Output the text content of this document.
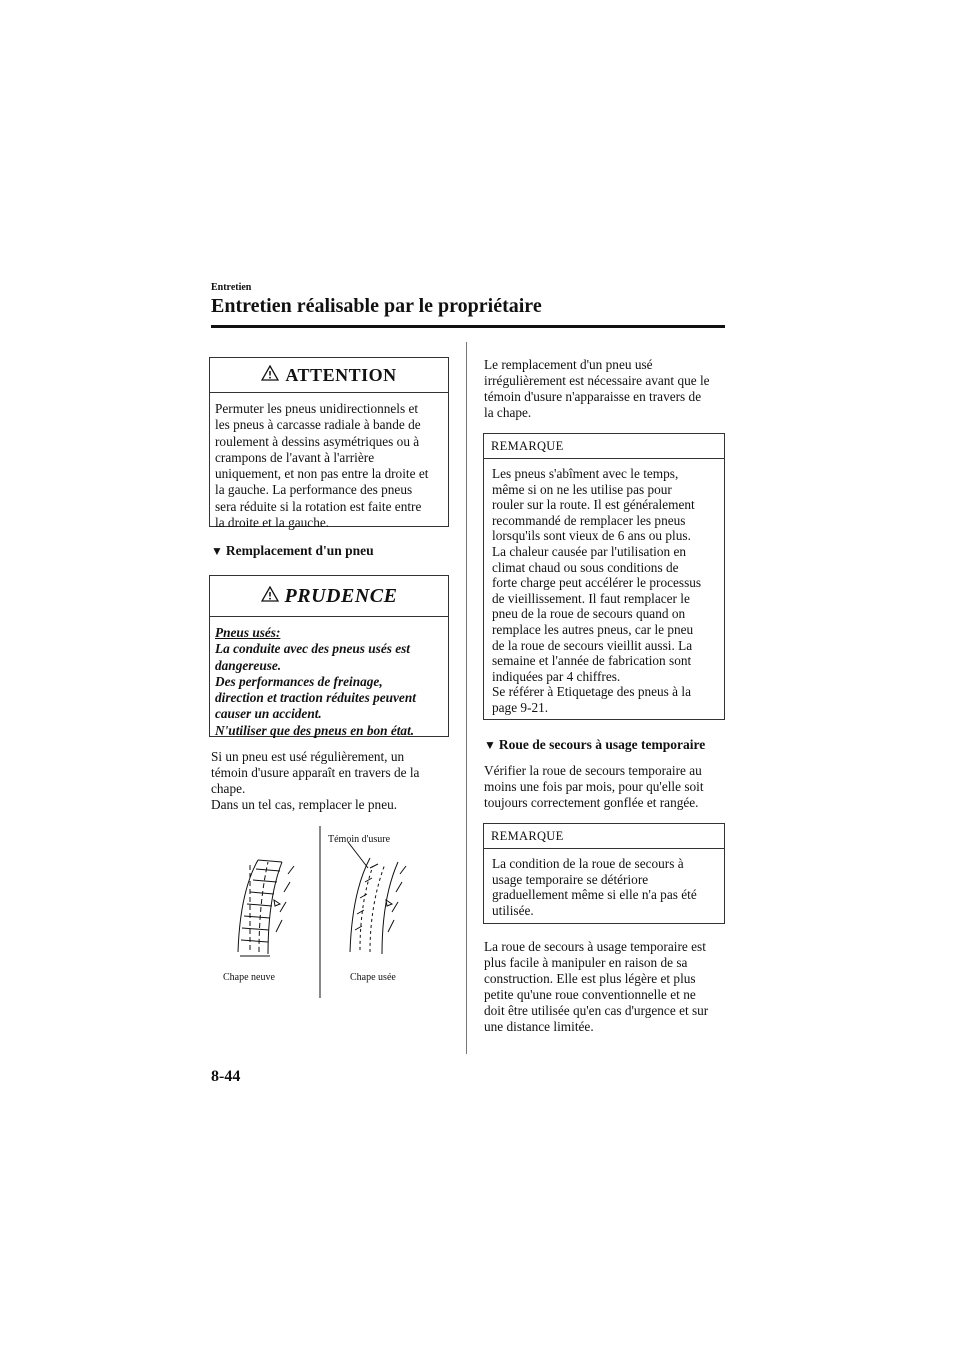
Entretien
Entretien réalisable par le propriétaire
ATTENTION

Permuter les pneus unidirectionnels et

les pneus à carcasse radiale à bande de

roulement à dessins asymétriques ou à

crampons de l'avant à l'arrière

uniquement, et non pas entre la droite et

la gauche. La performance des pneus

sera réduite si la rotation est faite entre

la droite et la gauche.

▼ Remplacement d'un pneu
PRUDENCE

Pneus usés:

La conduite avec des pneus usés est

dangereuse.

Des performances de freinage,

direction et traction réduites peuvent

causer un accident.

N'utiliser que des pneus en bon état.

Si un pneu est usé régulièrement, un

témoin d'usure apparaît en travers de la

chape.

Dans un tel cas, remplacer le pneu.

Témoin d'usure
Chape neuve	Chape usée

Le remplacement d'un pneu usé

irrégulièrement est nécessaire avant que le

témoin d'usure n'apparaisse en travers de

la chape.

REMARQUE

Les pneus s'abîment avec le temps,

même si on ne les utilise pas pour

rouler sur la route. Il est généralement

recommandé de remplacer les pneus

lorsqu'ils sont vieux de 6 ans ou plus.

La chaleur causée par l'utilisation en

climat chaud ou sous conditions de

forte charge peut accélérer le processus

de vieillissement. Il faut remplacer le

pneu de la roue de secours quand on

remplace les autres pneus, car le pneu

de la roue de secours vieillit aussi. La

semaine et l'année de fabrication sont

indiquées par 4 chiffres.

Se référer à Etiquetage des pneus à la

page 9-21.

▼ Roue de secours à usage temporaire

Vérifier la roue de secours temporaire au

moins une fois par mois, pour qu'elle soit

toujours correctement gonflée et rangée.

REMARQUE

La condition de la roue de secours à

usage temporaire se détériore

graduellement même si elle n'a pas été

utilisée.

La roue de secours à usage temporaire est

plus facile à manipuler en raison de sa

construction. Elle est plus légère et plus

petite qu'une roue conventionnelle et ne

doit être utilisée qu'en cas d'urgence et sur

une distance limitée.

8-44
